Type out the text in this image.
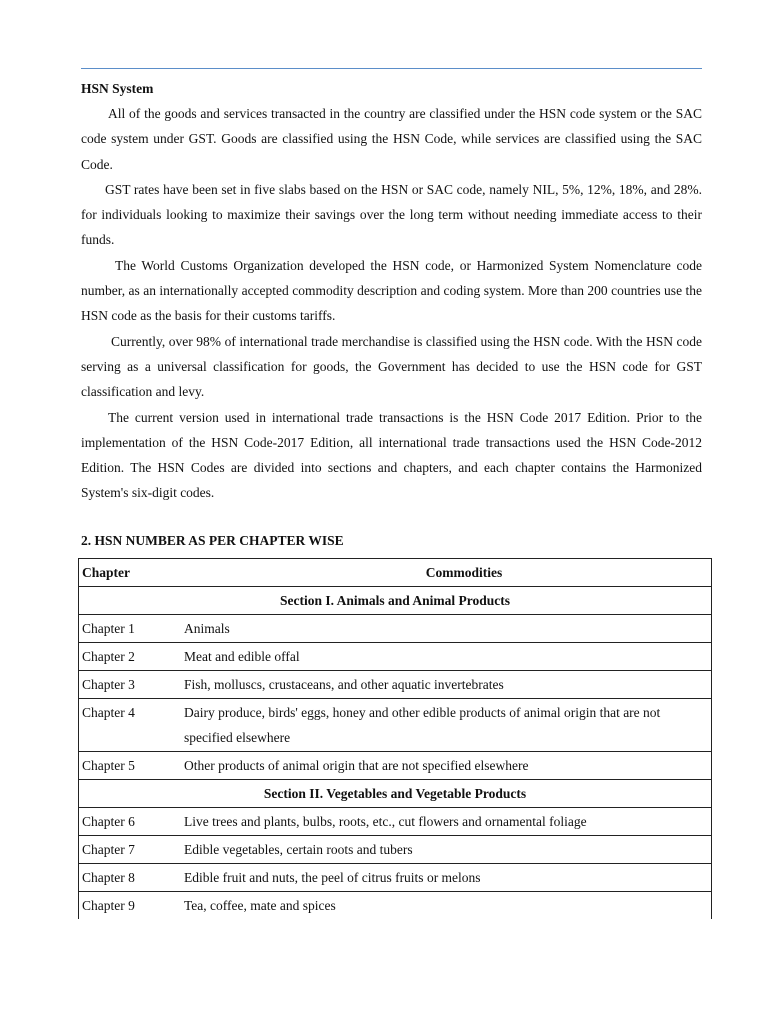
HSN System

All of the goods and services transacted in the country are classified under the HSN code system or the SAC code system under GST. Goods are classified using the HSN Code, while services are classified using the SAC Code.

GST rates have been set in five slabs based on the HSN or SAC code, namely NIL, 5%, 12%, 18%, and 28%. for individuals looking to maximize their savings over the long term without needing immediate access to their funds.

The World Customs Organization developed the HSN code, or Harmonized System Nomenclature code number, as an internationally accepted commodity description and coding system. More than 200 countries use the HSN code as the basis for their customs tariffs.

Currently, over 98% of international trade merchandise is classified using the HSN code. With the HSN code serving as a universal classification for goods, the Government has decided to use the HSN code for GST classification and levy.

The current version used in international trade transactions is the HSN Code 2017 Edition. Prior to the implementation of the HSN Code-2017 Edition, all international trade transactions used the HSN Code-2012 Edition. The HSN Codes are divided into sections and chapters, and each chapter contains the Harmonized System's six-digit codes.

2. HSN NUMBER AS PER CHAPTER WISE
Chapter	Commodities
Section I. Animals and Animal Products	
Chapter 1	Animals
Chapter 2	Meat and edible offal
Chapter 3	Fish, molluscs, crustaceans, and other aquatic invertebrates
Chapter 4	Dairy produce, birds' eggs, honey and other edible products of animal origin that are not specified elsewhere
Chapter 5	Other products of animal origin that are not specified elsewhere
Section II. Vegetables and Vegetable Products	
Chapter 6	Live trees and plants, bulbs, roots, etc., cut flowers and ornamental foliage
Chapter 7	Edible vegetables, certain roots and tubers
Chapter 8	Edible fruit and nuts, the peel of citrus fruits or melons
Chapter 9	Tea, coffee, mate and spices
